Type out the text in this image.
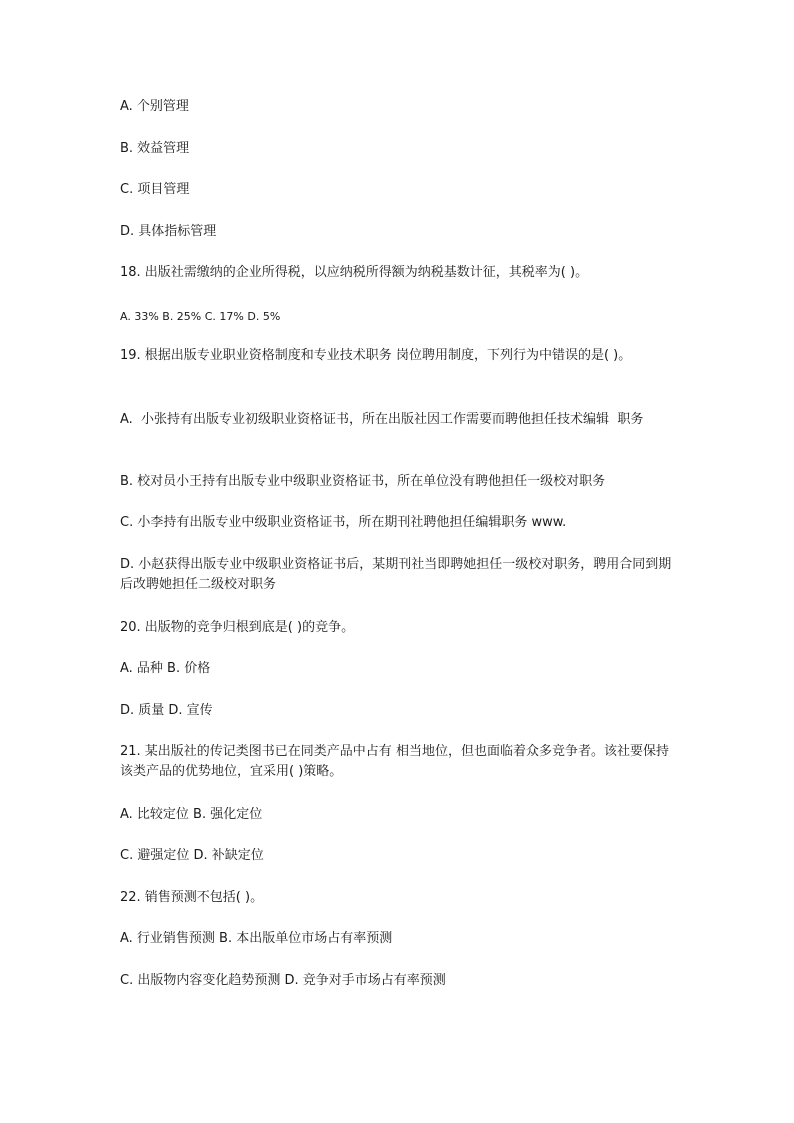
A. 个别管理

B. 效益管理

C. 项目管理

D. 具体指标管理

18. 出版社需缴纳的企业所得税，以应纳税所得额为纳税基数计征，其税率为( )。

A. 33% B. 25% C. 17% D. 5%

19. 根据出版专业职业资格制度和专业技术职务 岗位聘用制度，下列行为中错误的是( )。

A.  小张持有出版专业初级职业资格证书，所在出版社因工作需要而聘他担任技术编辑  职务

B. 校对员小王持有出版专业中级职业资格证书，所在单位没有聘他担任一级校对职务

C. 小李持有出版专业中级职业资格证书，所在期刊社聘他担任编辑职务 www.

D. 小赵获得出版专业中级职业资格证书后，某期刊社当即聘她担任一级校对职务，聘用合同到期后改聘她担任二级校对职务

20. 出版物的竞争归根到底是( )的竞争。

A. 品种 B. 价格

D. 质量 D. 宣传

21. 某出版社的传记类图书已在同类产品中占有 相当地位，但也面临着众多竞争者。该社要保持该类产品的优势地位，宜采用( )策略。

A. 比较定位 B. 强化定位

C. 避强定位 D. 补缺定位

22. 销售预测不包括( )。

A. 行业销售预测 B. 本出版单位市场占有率预测

C. 出版物内容变化趋势预测 D. 竞争对手市场占有率预测
